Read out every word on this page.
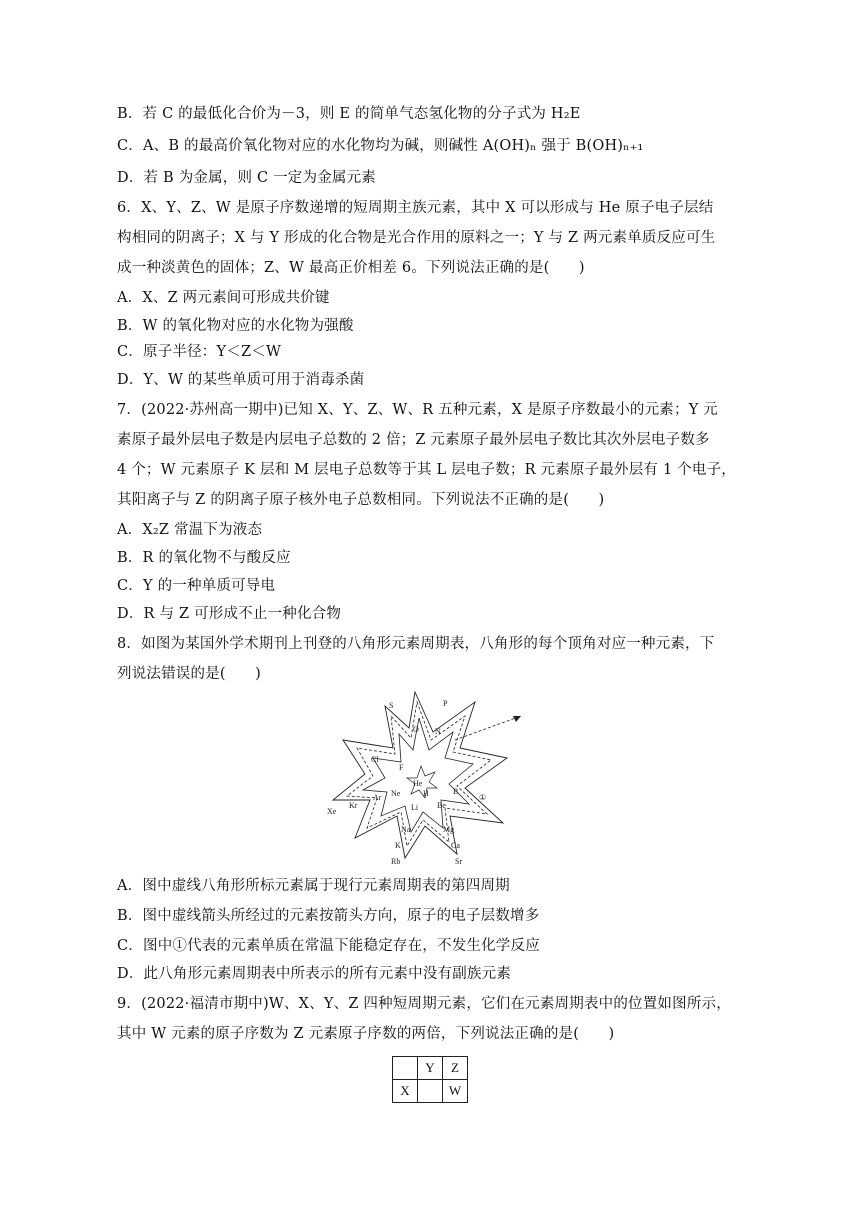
B．若 C 的最低化合价为－3，则 E 的简单气态氢化物的分子式为 H₂E
C．A、B 的最高价氧化物对应的水化物均为碱，则碱性 A(OH)ₙ 强于 B(OH)ₙ₊₁
D．若 B 为金属，则 C 一定为金属元素
6．X、Y、Z、W 是原子序数递增的短周期主族元素，其中 X 可以形成与 He 原子电子层结
构相同的阴离子；X 与 Y 形成的化合物是光合作用的原料之一；Y 与 Z 两元素单质反应可生
成一种淡黄色的固体；Z、W 最高正价相差 6。下列说法正确的是(　　)
A．X、Z 两元素间可形成共价键
B．W 的氧化物对应的水化物为强酸
C．原子半径：Y＜Z＜W
D．Y、W 的某些单质可用于消毒杀菌
7．(2022·苏州高一期中)已知 X、Y、Z、W、R 五种元素，X 是原子序数最小的元素；Y 元
素原子最外层电子数是内层电子总数的 2 倍；Z 元素原子最外层电子数比其次外层电子数多
4 个；W 元素原子 K 层和 M 层电子总数等于其 L 层电子数；R 元素原子最外层有 1 个电子，
其阳离子与 Z 的阴离子原子核外电子总数相同。下列说法不正确的是(　　)
A．X₂Z 常温下为液态
B．R 的氧化物不与酸反应
C．Y 的一种单质可导电
D．R 与 Z 可形成不止一种化合物
8．如图为某国外学术期刊上刊登的八角形元素周期表，八角形的每个顶角对应一种元素，下
列说法错误的是(　　)
S	P
O N
Cl
F
He
H	B
Ne
Ar
Li Be
①
Kr
Xe
Na	Mg
K	Ca
Rb	Sr
A．图中虚线八角形所标元素属于现行元素周期表的第四周期
B．图中虚线箭头所经过的元素按箭头方向，原子的电子层数增多
C．图中①代表的元素单质在常温下能稳定存在，不发生化学反应
D．此八角形元素周期表中所表示的所有元素中没有副族元素
9．(2022·福清市期中)W、X、Y、Z 四种短周期元素，它们在元素周期表中的位置如图所示，
其中 W 元素的原子序数为 Z 元素原子序数的两倍，下列说法正确的是(　　)
	Y	Z
X		W
